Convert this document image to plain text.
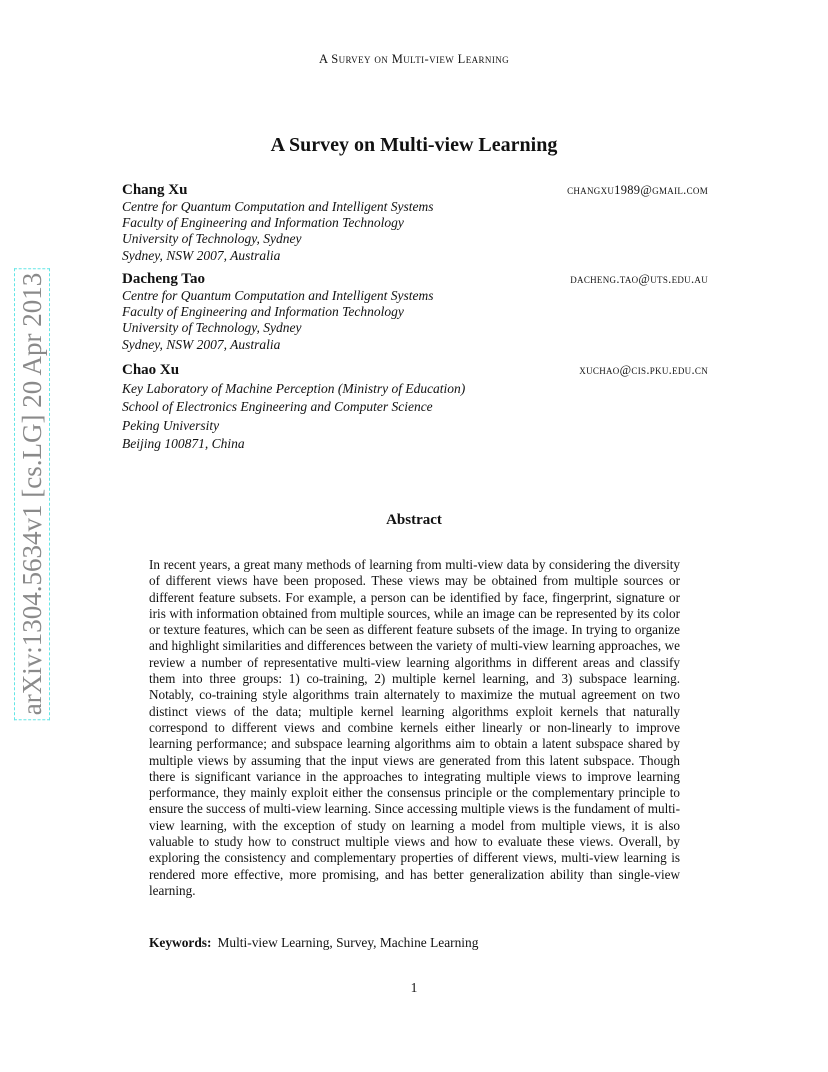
A Survey on Multi-view Learning
arXiv:1304.5634v1 [cs.LG] 20 Apr 2013
A Survey on Multi-view Learning
Chang Xu	changxu1989@gmail.com
Centre for Quantum Computation and Intelligent Systems
Faculty of Engineering and Information Technology
University of Technology, Sydney
Sydney, NSW 2007, Australia
Dacheng Tao	dacheng.tao@uts.edu.au
Centre for Quantum Computation and Intelligent Systems
Faculty of Engineering and Information Technology
University of Technology, Sydney
Sydney, NSW 2007, Australia
Chao Xu	xuchao@cis.pku.edu.cn
Key Laboratory of Machine Perception (Ministry of Education)
School of Electronics Engineering and Computer Science
Peking University
Beijing 100871, China
Abstract
In recent years, a great many methods of learning from multi-view data by considering the diversity of different views have been proposed. These views may be obtained from multiple sources or different feature subsets. For example, a person can be identified by face, fingerprint, signature or iris with information obtained from multiple sources, while an image can be represented by its color or texture features, which can be seen as different feature subsets of the image. In trying to organize and highlight similarities and differences between the variety of multi-view learning approaches, we review a number of representative multi-view learning algorithms in different areas and classify them into three groups: 1) co-training, 2) multiple kernel learning, and 3) subspace learning. Notably, co-training style algorithms train alternately to maximize the mutual agreement on two distinct views of the data; multiple kernel learning algorithms exploit kernels that naturally correspond to different views and combine kernels either linearly or non-linearly to improve learning performance; and subspace learning algorithms aim to obtain a latent subspace shared by multiple views by assuming that the input views are generated from this latent subspace. Though there is significant variance in the approaches to integrating multiple views to improve learning performance, they mainly exploit either the consensus principle or the complementary principle to ensure the success of multi-view learning. Since accessing multiple views is the fundament of multi-view learning, with the exception of study on learning a model from multiple views, it is also valuable to study how to construct multiple views and how to evaluate these views. Overall, by exploring the consistency and complementary properties of different views, multi-view learning is rendered more effective, more promising, and has better generalization ability than single-view learning.
Keywords: Multi-view Learning, Survey, Machine Learning
1
